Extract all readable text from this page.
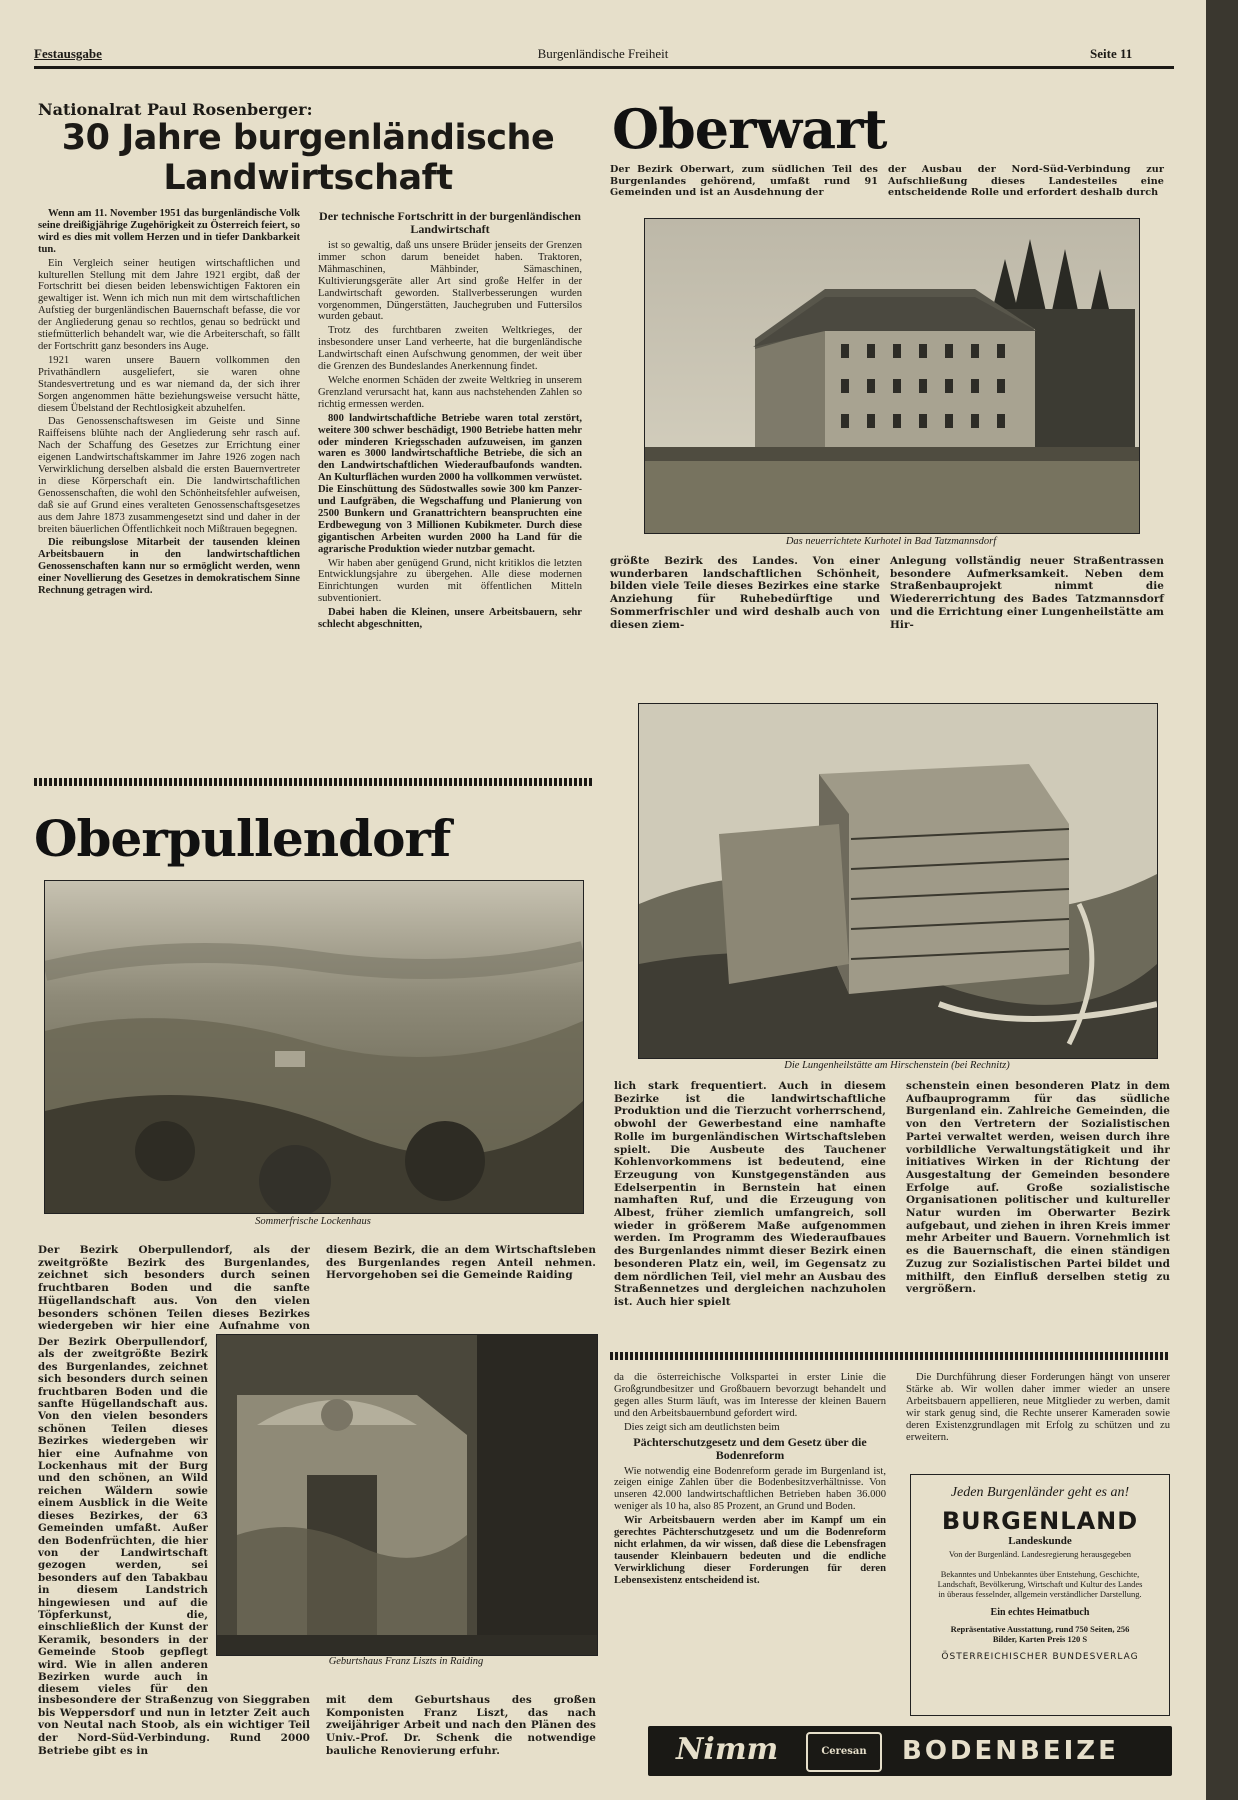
Festausgabe	Burgenländische Freiheit	Seite 11
Nationalrat Paul Rosenberger:
30 Jahre burgenländische
Landwirtschaft

Wenn am 11. November 1951 das burgenländische Volk seine dreißigjährige Zugehörigkeit zu Österreich feiert, so wird es dies mit vollem Herzen und in tiefer Dankbarkeit tun.

Ein Vergleich seiner heutigen wirtschaftlichen und kulturellen Stellung mit dem Jahre 1921 ergibt, daß der Fortschritt bei diesen beiden lebenswichtigen Faktoren ein gewaltiger ist. Wenn ich mich nun mit dem wirtschaftlichen Aufstieg der burgenländischen Bauernschaft befasse, die vor der Angliederung genau so rechtlos, genau so bedrückt und stiefmütterlich behandelt war, wie die Arbeiterschaft, so fällt der Fortschritt ganz besonders ins Auge.

1921 waren unsere Bauern vollkommen den Privathändlern ausgeliefert, sie waren ohne Standesvertretung und es war niemand da, der sich ihrer Sorgen angenommen hätte beziehungsweise versucht hätte, diesem Übelstand der Rechtlosigkeit abzuhelfen.

Das Genossenschaftswesen im Geiste und Sinne Raiffeisens blühte nach der Angliederung sehr rasch auf. Nach der Schaffung des Gesetzes zur Errichtung einer eigenen Landwirtschaftskammer im Jahre 1926 zogen nach Verwirklichung derselben alsbald die ersten Bauernvertreter in diese Körperschaft ein. Die landwirtschaftlichen Genossenschaften, die wohl den Schönheitsfehler aufweisen, daß sie auf Grund eines veralteten Genossenschaftsgesetzes aus dem Jahre 1873 zusammengesetzt sind und daher in der breiten bäuerlichen Öffentlichkeit noch Mißtrauen begegnen.

Die reibungslose Mitarbeit der tausenden kleinen Arbeitsbauern in den landwirtschaftlichen Genossenschaften kann nur so ermöglicht werden, wenn einer Novellierung des Gesetzes in demokratischem Sinne Rechnung getragen wird.

Der technische Fortschritt in der burgenländischen Landwirtschaft

ist so gewaltig, daß uns unsere Brüder jenseits der Grenzen immer schon darum beneidet haben. Traktoren, Mähmaschinen, Mähbinder, Sämaschinen, Kultivierungsgeräte aller Art sind große Helfer in der Landwirtschaft geworden. Stallverbesserungen wurden vorgenommen, Düngerstätten, Jauchegruben und Futtersilos wurden gebaut.

Trotz des furchtbaren zweiten Weltkrieges, der insbesondere unser Land verheerte, hat die burgenländische Landwirtschaft einen Aufschwung genommen, der weit über die Grenzen des Bundeslandes Anerkennung findet.

Welche enormen Schäden der zweite Weltkrieg in unserem Grenzland verursacht hat, kann aus nachstehenden Zahlen so richtig ermessen werden.

800 landwirtschaftliche Betriebe waren total zerstört, weitere 300 schwer beschädigt, 1900 Betriebe hatten mehr oder minderen Kriegsschaden aufzuweisen, im ganzen waren es 3000 landwirtschaftliche Betriebe, die sich an den Landwirtschaftlichen Wiederaufbaufonds wandten. An Kulturflächen wurden 2000 ha vollkommen verwüstet. Die Einschüttung des Südostwalles sowie 300 km Panzer- und Laufgräben, die Wegschaffung und Planierung von 2500 Bunkern und Granattrichtern beanspruchten eine Erdbewegung von 3 Millionen Kubikmeter. Durch diese gigantischen Arbeiten wurden 2000 ha Land für die agrarische Produktion wieder nutzbar gemacht.

Wir haben aber genügend Grund, nicht kritiklos die letzten Entwicklungsjahre zu übergehen. Alle diese modernen Einrichtungen wurden mit öffentlichen Mitteln subventioniert.

Dabei haben die Kleinen, unsere Arbeitsbauern, sehr schlecht abgeschnitten,

Oberwart
Der Bezirk Oberwart, zum südlichen Teil des Burgenlandes gehörend, umfaßt rund 91 Gemeinden und ist an Ausdehnung der
der Ausbau der Nord-Süd-Verbindung zur Aufschließung dieses Landesteiles eine entscheidende Rolle und erfordert deshalb durch
Das neuerrichtete Kurhotel in Bad Tatzmannsdorf
größte Bezirk des Landes. Von einer wunderbaren landschaftlichen Schönheit, bilden viele Teile dieses Bezirkes eine starke Anziehung für Ruhebedürftige und Sommerfrischler und wird deshalb auch von diesen ziem-
Anlegung vollständig neuer Straßentrassen besondere Aufmerksamkeit. Neben dem Straßenbauprojekt nimmt die Wiedererrichtung des Bades Tatzmannsdorf und die Errichtung einer Lungenheilstätte am Hir-
Die Lungenheilstätte am Hirschenstein (bei Rechnitz)
lich stark frequentiert. Auch in diesem Bezirke ist die landwirtschaftliche Produktion und die Tierzucht vorherrschend, obwohl der Gewerbestand eine namhafte Rolle im burgenländischen Wirtschaftsleben spielt. Die Ausbeute des Tauchener Kohlenvorkommens ist bedeutend, eine Erzeugung von Kunstgegenständen aus Edelserpentin in Bernstein hat einen namhaften Ruf, und die Erzeugung von Albest, früher ziemlich umfangreich, soll wieder in größerem Maße aufgenommen werden. Im Programm des Wiederaufbaues des Burgenlandes nimmt dieser Bezirk einen besonderen Platz ein, weil, im Gegensatz zu dem nördlichen Teil, viel mehr an Ausbau des Straßennetzes und dergleichen nachzuholen ist. Auch hier spielt
schenstein einen besonderen Platz in dem Aufbauprogramm für das südliche Burgenland ein. Zahlreiche Gemeinden, die von den Vertretern der Sozialistischen Partei verwaltet werden, weisen durch ihre vorbildliche Verwaltungstätigkeit und ihr initiatives Wirken in der Richtung der Ausgestaltung der Gemeinden besondere Erfolge auf. Große sozialistische Organisationen politischer und kultureller Natur wurden im Oberwarter Bezirk aufgebaut, und ziehen in ihren Kreis immer mehr Arbeiter und Bauern. Vornehmlich ist es die Bauernschaft, die einen ständigen Zuzug zur Sozialistischen Partei bildet und mithilft, den Einfluß derselben stetig zu vergrößern.
Oberpullendorf
Sommerfrische Lockenhaus

Der Bezirk Oberpullendorf, als der zweitgrößte Bezirk des Burgenlandes, zeichnet sich besonders durch seinen fruchtbaren Boden und die sanfte Hügellandschaft aus. Von den vielen besonders schönen Teilen dieses Bezirkes wiedergeben wir hier eine Aufnahme von

diesem Bezirk, die an dem Wirtschaftsleben des Burgenlandes regen Anteil nehmen. Hervorgehoben sei die Gemeinde Raiding
Geburtshaus Franz Liszts in Raiding

Der Bezirk Oberpullendorf, als der zweitgrößte Bezirk des Burgenlandes, zeichnet sich besonders durch seinen fruchtbaren Boden und die sanfte Hügellandschaft aus. Von den vielen besonders schönen Teilen dieses Bezirkes wiedergeben wir hier eine Aufnahme von Lockenhaus mit der Burg und den schönen, an Wild reichen Wäldern sowie einem Ausblick in die Weite dieses Bezirkes, der 63 Gemeinden umfaßt. Außer den Bodenfrüchten, die hier von der Landwirtschaft gezogen werden, sei besonders auf den Tabakbau in diesem Landstrich hingewiesen und auf die Töpferkunst, die, einschließlich der Kunst der Keramik, besonders in der Gemeinde Stoob gepflegt wird. Wie in allen anderen Bezirken wurde auch in diesem vieles für den

insbesondere der Straßenzug von Sieggraben bis Weppersdorf und nun in letzter Zeit auch von Neutal nach Stoob, als ein wichtiger Teil der Nord-Süd-Verbindung. Rund 2000 Betriebe gibt es in
mit dem Geburtshaus des großen Komponisten Franz Liszt, das nach zweijähriger Arbeit und nach den Plänen des Univ.-Prof. Dr. Schenk die notwendige bauliche Renovierung erfuhr.

da die österreichische Volkspartei in erster Linie die Großgrundbesitzer und Großbauern bevorzugt behandelt und gegen alles Sturm läuft, was im Interesse der kleinen Bauern und den Arbeitsbauernbund gefordert wird.

Dies zeigt sich am deutlichsten beim

Pächterschutzgesetz und dem Gesetz über die Bodenreform

Wie notwendig eine Bodenreform gerade im Burgenland ist, zeigen einige Zahlen über die Bodenbesitzverhältnisse. Von unseren 42.000 landwirtschaftlichen Betrieben haben 36.000 weniger als 10 ha, also 85 Prozent, an Grund und Boden.

Wir Arbeitsbauern werden aber im Kampf um ein gerechtes Pächterschutzgesetz und um die Bodenreform nicht erlahmen, da wir wissen, daß diese die Lebensfragen tausender Kleinbauern bedeuten und die endliche Verwirklichung dieser Forderungen für deren Lebensexistenz entscheidend ist.

Die Durchführung dieser Forderungen hängt von unserer Stärke ab. Wir wollen daher immer wieder an unsere Arbeitsbauern appellieren, neue Mitglieder zu werben, damit wir stark genug sind, die Rechte unserer Kameraden sowie deren Existenzgrundlagen mit Erfolg zu schützen und zu erweitern.

Jeden Burgenländer geht es an!
BURGENLAND
Landeskunde
Von der Burgenländ. Landesregierung herausgegeben
Bekanntes und Unbekanntes über Entstehung, Geschichte, Landschaft, Bevölkerung, Wirtschaft und Kultur des Landes in überaus fesselnder, allgemein verständlicher Darstellung.
Ein echtes Heimatbuch
Repräsentative Ausstattung, rund 750 Seiten, 256 Bilder, Karten Preis 120 S
ÖSTERREICHISCHER BUNDESVERLAG
Nimm	Ceresan	BODENBEIZE
